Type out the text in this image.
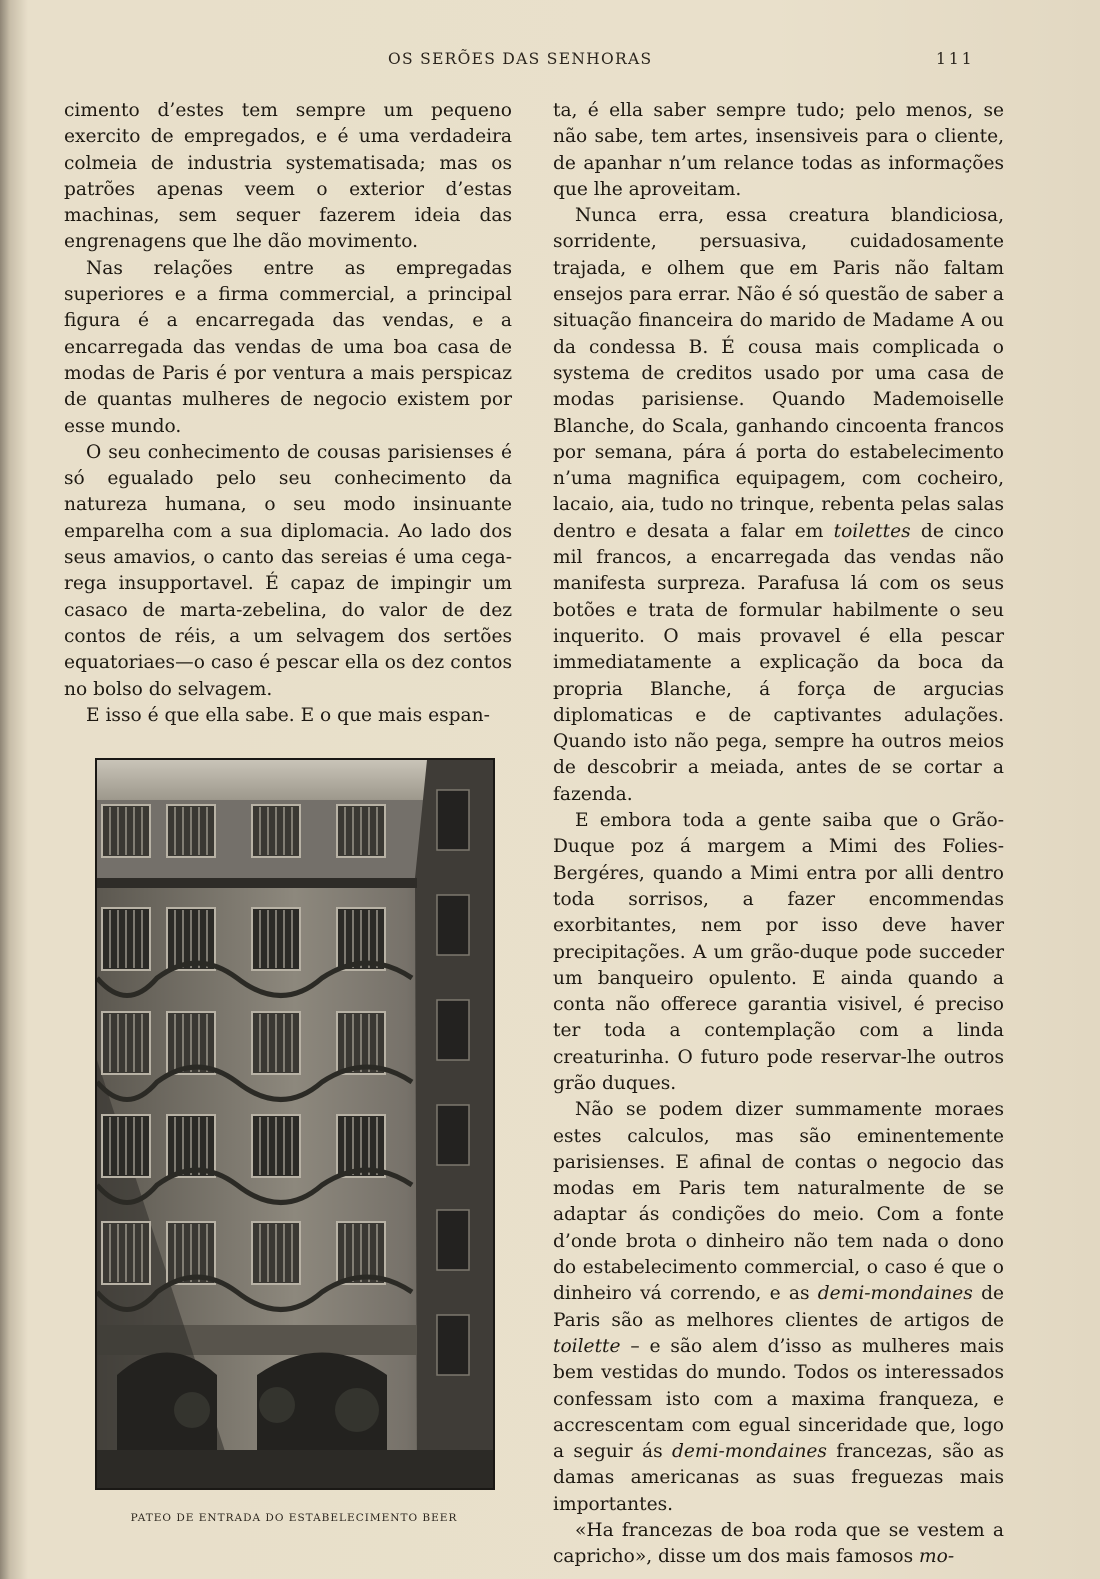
OS SERÕES DAS SENHORAS	111

cimento d’estes tem sempre um pequeno exercito de empregados, e é uma verdadeira colmeia de industria systematisada; mas os patrões apenas veem o exterior d’estas machinas, sem sequer fazerem ideia das engrenagens que lhe dão movimento.

Nas relações entre as empregadas superiores e a firma commercial, a principal figura é a encarregada das vendas, e a encarregada das vendas de uma boa casa de modas de Paris é por ventura a mais perspicaz de quantas mulheres de negocio existem por esse mundo.

O seu conhecimento de cousas parisienses é só egualado pelo seu conhecimento da natureza humana, o seu modo insinuante emparelha com a sua diplomacia. Ao lado dos seus amavios, o canto das sereias é uma cega-rega insupportavel. É capaz de impingir um casaco de marta-zebelina, do valor de dez contos de réis, a um selvagem dos sertões equatoriaes—o caso é pescar ella os dez contos no bolso do selvagem.

E isso é que ella sabe. E o que mais espan-

PATEO DE ENTRADA DO ESTABELECIMENTO BEER

ta, é ella saber sempre tudo; pelo menos, se não sabe, tem artes, insensiveis para o cliente, de apanhar n’um relance todas as informações que lhe aproveitam.

Nunca erra, essa creatura blandiciosa, sorridente, persuasiva, cuidadosamente trajada, e olhem que em Paris não faltam ensejos para errar. Não é só questão de saber a situação financeira do marido de Madame A ou da condessa B. É cousa mais complicada o systema de creditos usado por uma casa de modas parisiense. Quando Mademoiselle Blanche, do Scala, ganhando cincoenta francos por semana, pára á porta do estabelecimento n’uma magnifica equipagem, com cocheiro, lacaio, aia, tudo no trinque, rebenta pelas salas dentro e desata a falar em toilettes de cinco mil francos, a encarregada das vendas não manifesta surpreza. Parafusa lá com os seus botões e trata de formular habilmente o seu inquerito. O mais provavel é ella pescar immediatamente a explicação da boca da propria Blanche, á força de argucias diplomaticas e de captivantes adulações. Quando isto não pega, sempre ha outros meios de descobrir a meiada, antes de se cortar a fazenda.

E embora toda a gente saiba que o Grão-Duque poz á margem a Mimi des Folies-Bergéres, quando a Mimi entra por alli dentro toda sorrisos, a fazer encommendas exorbitantes, nem por isso deve haver precipitações. A um grão-duque pode succeder um banqueiro opulento. E ainda quando a conta não offerece garantia visivel, é preciso ter toda a contemplação com a linda creaturinha. O futuro pode reservar-lhe outros grão duques.

Não se podem dizer summamente moraes estes calculos, mas são eminentemente parisienses. E afinal de contas o negocio das modas em Paris tem naturalmente de se adaptar ás condições do meio. Com a fonte d’onde brota o dinheiro não tem nada o dono do estabelecimento commercial, o caso é que o dinheiro vá correndo, e as demi-mondaines de Paris são as melhores clientes de artigos de toilette – e são alem d’isso as mulheres mais bem vestidas do mundo. Todos os interessados confessam isto com a maxima franqueza, e accrescentam com egual sinceridade que, logo a seguir ás demi-mondaines francezas, são as damas americanas as suas freguezas mais importantes.

«Ha francezas de boa roda que se vestem a capricho», disse um dos mais famosos mo-
